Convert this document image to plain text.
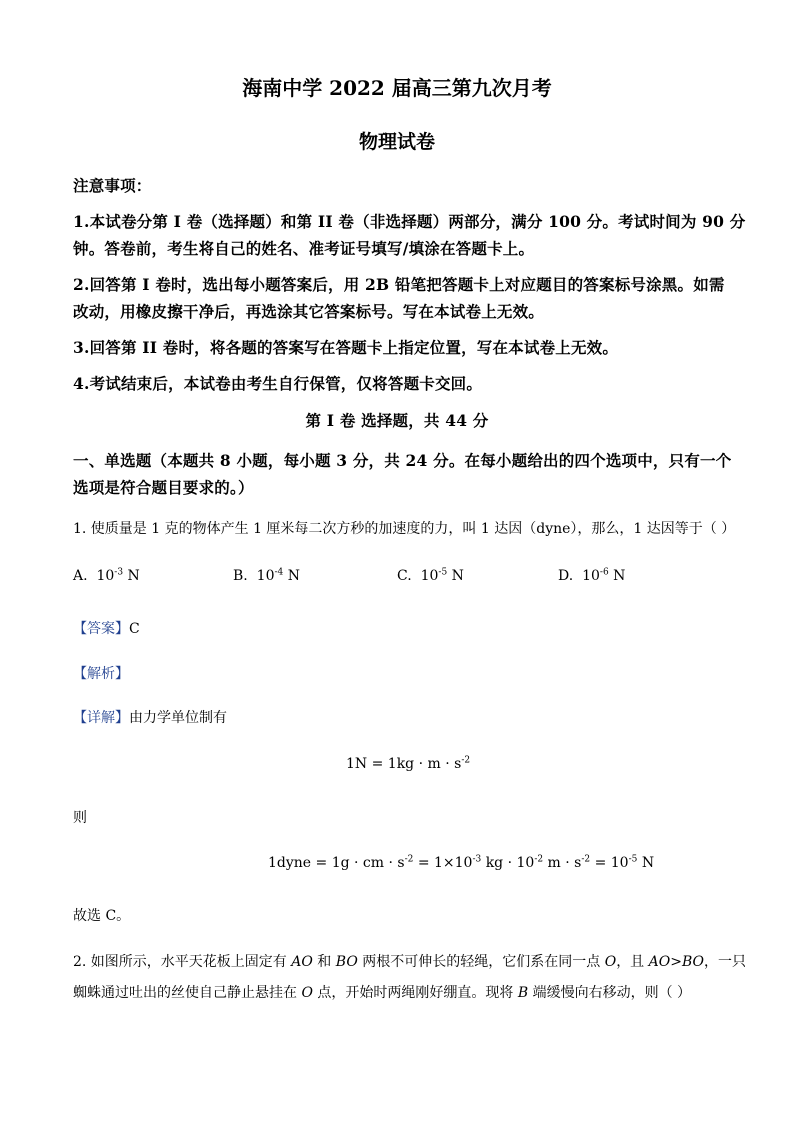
海南中学 2022 届高三第九次月考
物理试卷
注意事项：
1.本试卷分第 I 卷（选择题）和第 II 卷（非选择题）两部分，满分 100 分。考试时间为 90 分
钟。答卷前，考生将自己的姓名、准考证号填写/填涂在答题卡上。
2.回答第 I 卷时，选出每小题答案后，用 2B 铅笔把答题卡上对应题目的答案标号涂黑。如需
改动，用橡皮擦干净后，再选涂其它答案标号。写在本试卷上无效。
3.回答第 II 卷时，将各题的答案写在答题卡上指定位置，写在本试卷上无效。
4.考试结束后，本试卷由考生自行保管，仅将答题卡交回。
第 I 卷 选择题，共 44 分
一、单选题（本题共 8 小题，每小题 3 分，共 24 分。在每小题给出的四个选项中，只有一个
选项是符合题目要求的。）
1. 使质量是 1 克的物体产生 1 厘米每二次方秒的加速度的力，叫 1 达因（dyne），那么，1 达因等于（ ）
A. $10^{-3}$ N	B. $10^{-4}$ N	C. $10^{-5}$ N	D. $10^{-6}$ N
【答案】C
【解析】
【详解】由力学单位制有
$1N = 1kg \cdot m \cdot s^{-2}$
则
1dyne = 1g · cm · $s^{-2} = 1\times 10^{-3}$ kg · $10^{-2}$ $m \cdot s^{-2} = 10^{-5}$ N
故选 C。
2. 如图所示，水平天花板上固定有 AO 和 BO 两根不可伸长的轻绳，它们系在同一点 O，且 AO>BO，一只
蜘蛛通过吐出的丝使自己静止悬挂在 O 点，开始时两绳刚好绷直。现将 B 端缓慢向右移动，则（ ）
